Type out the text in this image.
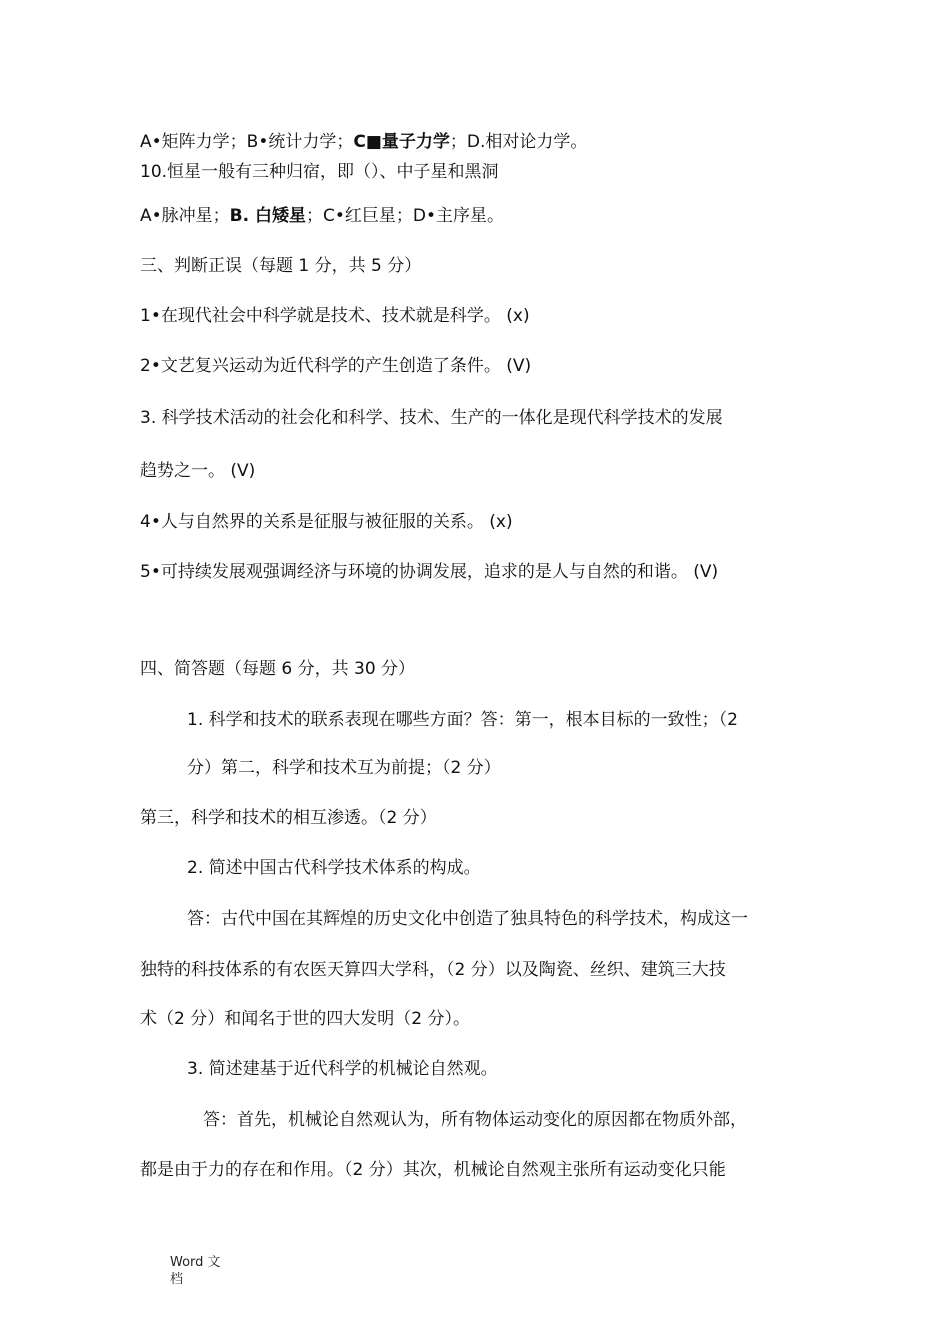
A•矩阵力学；B•统计力学；C■量子力学；D.相对论力学。
10.恒星一般有三种归宿，即（）、中子星和黑洞
A•脉冲星；B. 白矮星；C•红巨星；D•主序星。
三、判断正误（每题 1 分，共 5 分）
1•在现代社会中科学就是技术、技术就是科学。 (x)
2•文艺复兴运动为近代科学的产生创造了条件。 (V)
3. 科学技术活动的社会化和科学、技术、生产的一体化是现代科学技术的发展
趋势之一。 (V)
4•人与自然界的关系是征服与被征服的关系。 (x)
5•可持续发展观强调经济与环境的协调发展，追求的是人与自然的和谐。 (V)
四、简答题（每题 6 分，共 30 分）
1. 科学和技术的联系表现在哪些方面？答：第一，根本目标的一致性；（2
分）第二，科学和技术互为前提；（2 分）
第三，科学和技术的相互渗透。（2 分）
2. 简述中国古代科学技术体系的构成。
答：古代中国在其辉煌的历史文化中创造了独具特色的科学技术，构成这一
独特的科技体系的有农医天算四大学科，（2 分）以及陶瓷、丝织、建筑三大技
术（2 分）和闻名于世的四大发明（2 分）。
3. 简述建基于近代科学的机械论自然观。
答：首先，机械论自然观认为，所有物体运动变化的原因都在物质外部，
都是由于力的存在和作用。（2 分）其次，机械论自然观主张所有运动变化只能
Word 文
档
